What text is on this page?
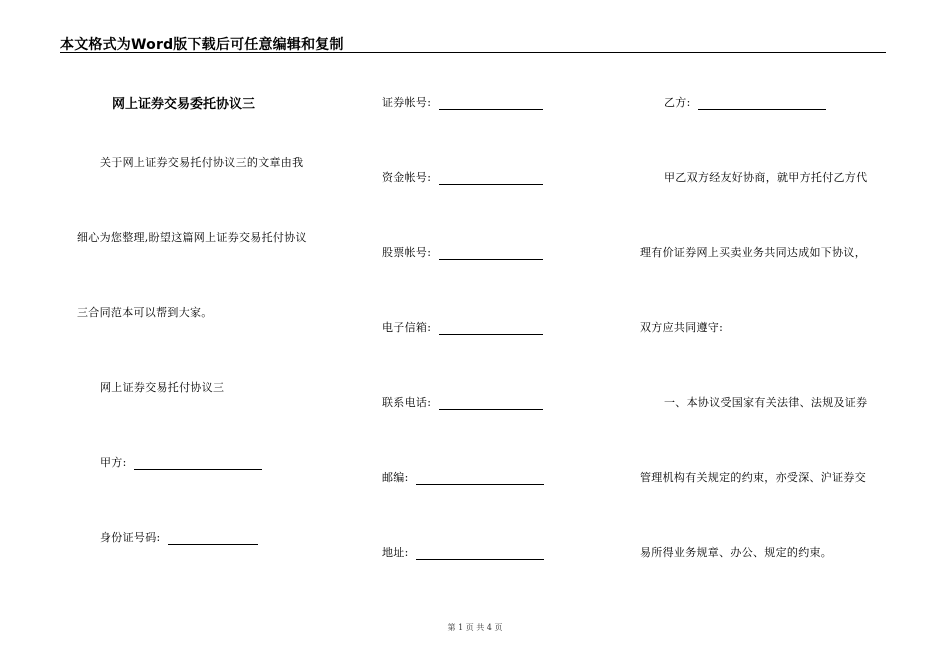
本文格式为Word版下载后可任意编辑和复制
网上证券交易委托协议三
关于网上证券交易托付协议三的文章由我
细心为您整理,盼望这篇网上证券交易托付协议
三合同范本可以帮到大家。
网上证券交易托付协议三
甲方:
身份证号码:
证券帐号:
资金帐号:
股票帐号:
电子信箱:
联系电话:
邮编:
地址:
乙方:
甲乙双方经友好协商，就甲方托付乙方代
理有价证券网上买卖业务共同达成如下协议，
双方应共同遵守:
一、本协议受国家有关法律、法规及证券
管理机构有关规定的约束，亦受深、沪证券交
易所得业务规章、办公、规定的约束。
第 1 页 共 4 页
